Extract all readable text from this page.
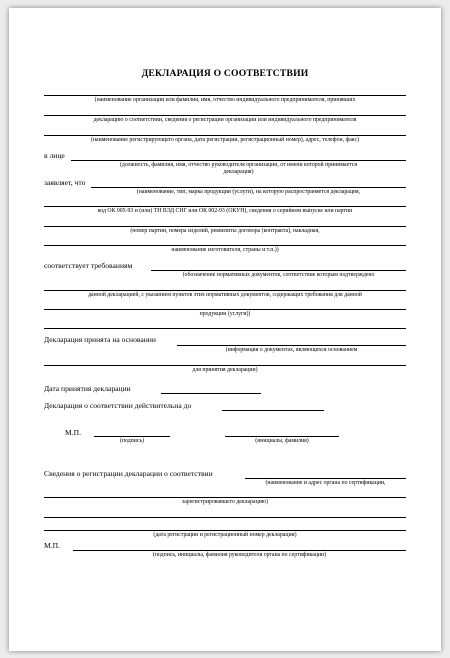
ДЕКЛАРАЦИЯ О СООТВЕТСТВИИ
(наименование организации или фамилия, имя, отчество индивидуального предпринимателя, принявших
декларацию о соответствии, сведения о регистрации организации или индивидуального предпринимателя
(наименование регистрирующего органа, дата регистрации, регистрационный номер), адрес, телефон, факс)
в лице
(должность, фамилия, имя, отчество руководителя организации, от имени которой принимается
декларация)
заявляет, что
(наименование, тип, марка продукции (услуги), на которую распространяется декларация,
код ОК 005-93 и (или) ТН ВЭД СНГ или ОК 002-93 (ОКУН), сведения о серийном выпуске или партии
(номер партии, номера изделий, реквизиты договора (контракта), накладная,
наименование изготовителя, страны и т.п.))
соответствует требованиям
(обозначение нормативных документов, соответствие которым подтверждено
данной декларацией, с указанием пунктов этих нормативных документов, содержащих требования для данной
продукции (услуги))
Декларация принята на основании
(информация о документах, являющихся основанием
для принятия декларации)
Дата принятия декларации
Декларация о соответствии действительна до
М.П.
(подпись)	(инициалы, фамилия)
Сведения о регистрации декларации о соответствии
(наименование и адрес органа по сертификации,
зарегистрировавшего декларацию)
(дата регистрации и регистрационный номер декларации)
М.П.
(подпись, инициалы, фамилия руководителя органа по сертификации)
